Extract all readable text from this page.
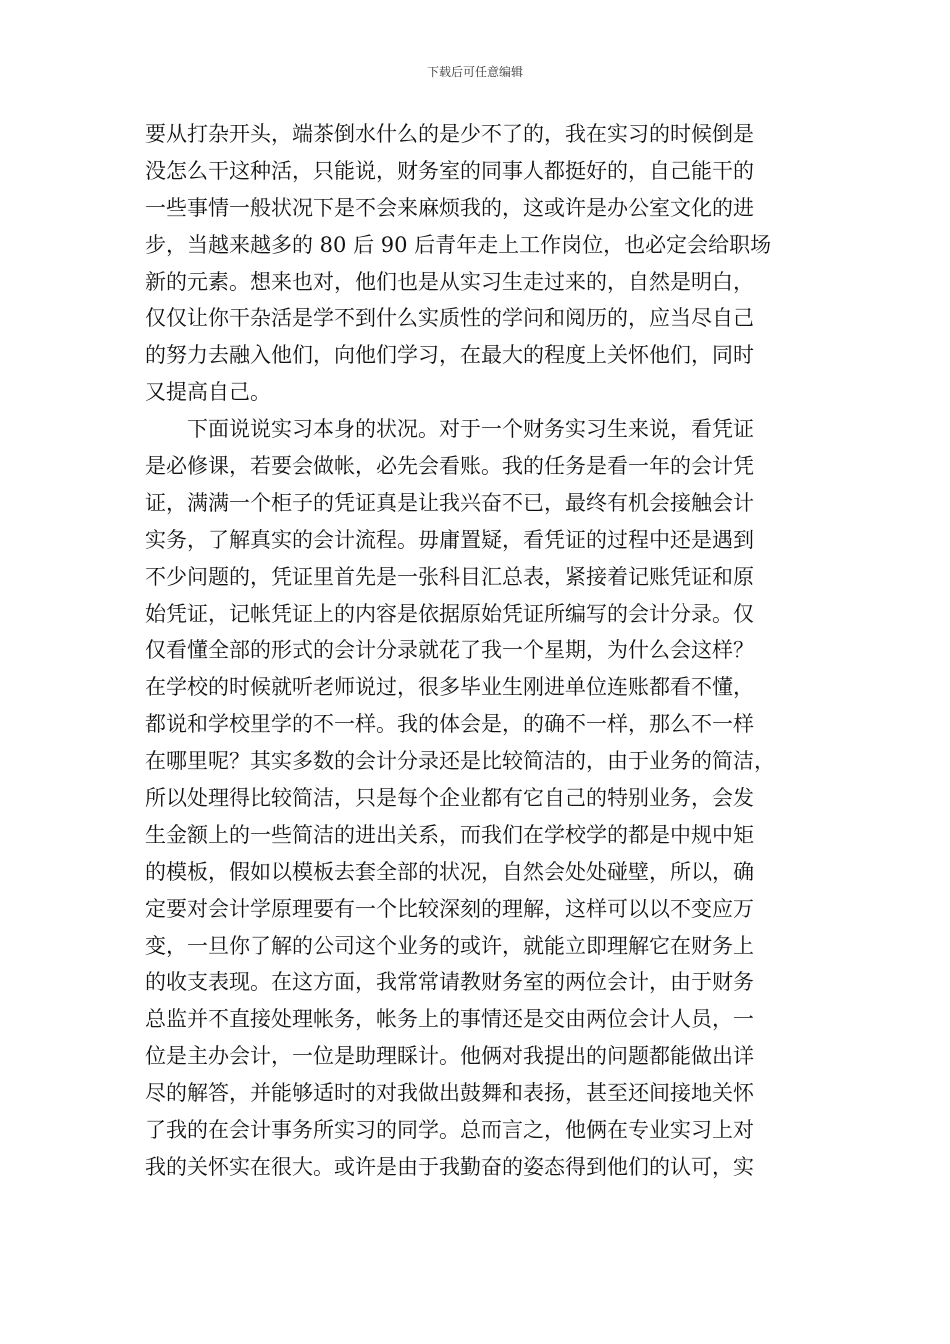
下载后可任意编辑
要从打杂开头，端茶倒水什么的是少不了的，我在实习的时候倒是
没怎么干这种活，只能说，财务室的同事人都挺好的，自己能干的
一些事情一般状况下是不会来麻烦我的，这或许是办公室文化的进
步，当越来越多的 80 后 90 后青年走上工作岗位，也必定会给职场
新的元素。想来也对，他们也是从实习生走过来的，自然是明白，
仅仅让你干杂活是学不到什么实质性的学问和阅历的，应当尽自己
的努力去融入他们，向他们学习，在最大的程度上关怀他们，同时
又提高自己。
下面说说实习本身的状况。对于一个财务实习生来说，看凭证
是必修课，若要会做帐，必先会看账。我的任务是看一年的会计凭
证，满满一个柜子的凭证真是让我兴奋不已，最终有机会接触会计
实务，了解真实的会计流程。毋庸置疑，看凭证的过程中还是遇到
不少问题的，凭证里首先是一张科目汇总表，紧接着记账凭证和原
始凭证，记帐凭证上的内容是依据原始凭证所编写的会计分录。仅
仅看懂全部的形式的会计分录就花了我一个星期，为什么会这样？
在学校的时候就听老师说过，很多毕业生刚进单位连账都看不懂，
都说和学校里学的不一样。我的体会是，的确不一样，那么不一样
在哪里呢？其实多数的会计分录还是比较简洁的，由于业务的简洁，
所以处理得比较简洁，只是每个企业都有它自己的特别业务，会发
生金额上的一些简洁的进出关系，而我们在学校学的都是中规中矩
的模板，假如以模板去套全部的状况，自然会处处碰壁，所以，确
定要对会计学原理要有一个比较深刻的理解，这样可以以不变应万
变，一旦你了解的公司这个业务的或许，就能立即理解它在财务上
的收支表现。在这方面，我常常请教财务室的两位会计，由于财务
总监并不直接处理帐务，帐务上的事情还是交由两位会计人员，一
位是主办会计，一位是助理睬计。他俩对我提出的问题都能做出详
尽的解答，并能够适时的对我做出鼓舞和表扬，甚至还间接地关怀
了我的在会计事务所实习的同学。总而言之，他俩在专业实习上对
我的关怀实在很大。或许是由于我勤奋的姿态得到他们的认可，实
